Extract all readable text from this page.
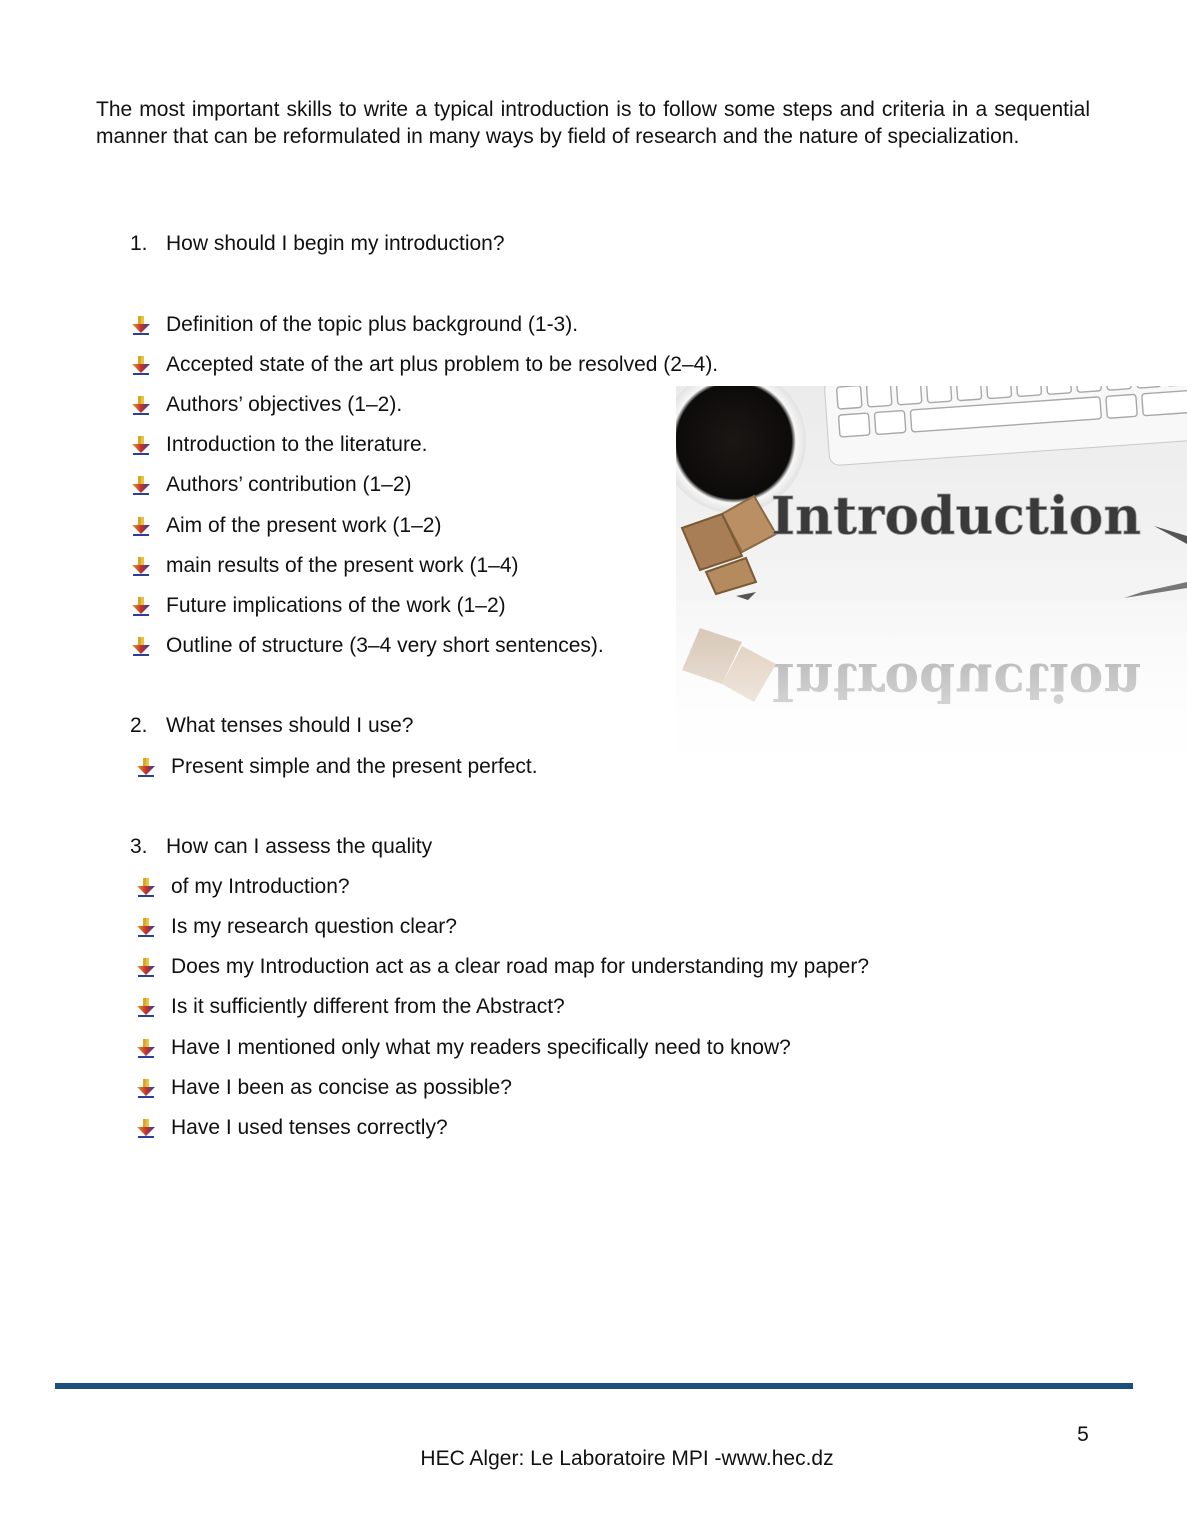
The most important skills to write a typical introduction is to follow some steps and criteria in a sequential manner that can be reformulated in many ways by field of research and the nature of specialization.

1. How should I begin my introduction?
Definition of the topic plus background (1-3).
Accepted state of the art plus problem to be resolved (2–4).
Authors’ objectives (1–2).
Introduction to the literature.
Authors’ contribution (1–2)
Aim of the present work (1–2)
main results of the present work (1–4)
Future implications of the work (1–2)
Outline of structure (3–4 very short sentences).
2. What tenses should I use?
Present simple and the present perfect.
3. How can I assess the quality
of my Introduction?
Is my research question clear?
Does my Introduction act as a clear road map for understanding my paper?
Is it sufficiently different from the Abstract?
Have I mentioned only what my readers specifically need to know?
Have I been as concise as possible?
Have I used tenses correctly?
Introduction
5
HEC Alger: Le Laboratoire MPI -www.hec.dz
